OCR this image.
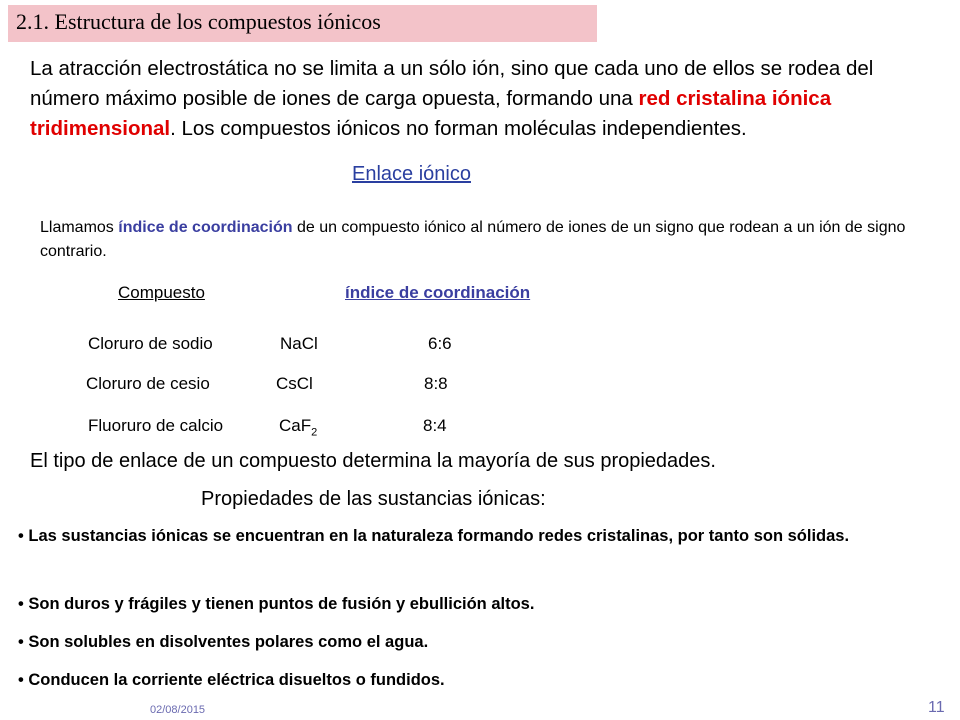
2.1. Estructura de los compuestos iónicos
La atracción electrostática no se limita a un sólo ión, sino que cada uno de ellos se rodea del número máximo posible de iones de carga opuesta, formando una red cristalina iónica tridimensional. Los compuestos iónicos no forman moléculas independientes.
Enlace iónico
Llamamos índice de coordinación de un compuesto iónico al número de iones de un signo que rodean a un ión de signo contrario.
Compuesto	índice de coordinación
Cloruro de sodio	NaCl	6:6
Cloruro de cesio	CsCl	8:8
Fluoruro de calcio	CaF$_2$	8:4
El tipo de enlace de un compuesto determina la mayoría de sus propiedades.
Propiedades de las sustancias iónicas:
• Las sustancias iónicas se encuentran en la naturaleza formando redes cristalinas, por tanto son sólidas.
• Son duros y frágiles y tienen puntos de fusión y ebullición altos.
• Son solubles en disolventes polares como el agua.
• Conducen la corriente eléctrica disueltos o fundidos.
02/08/2015	11
